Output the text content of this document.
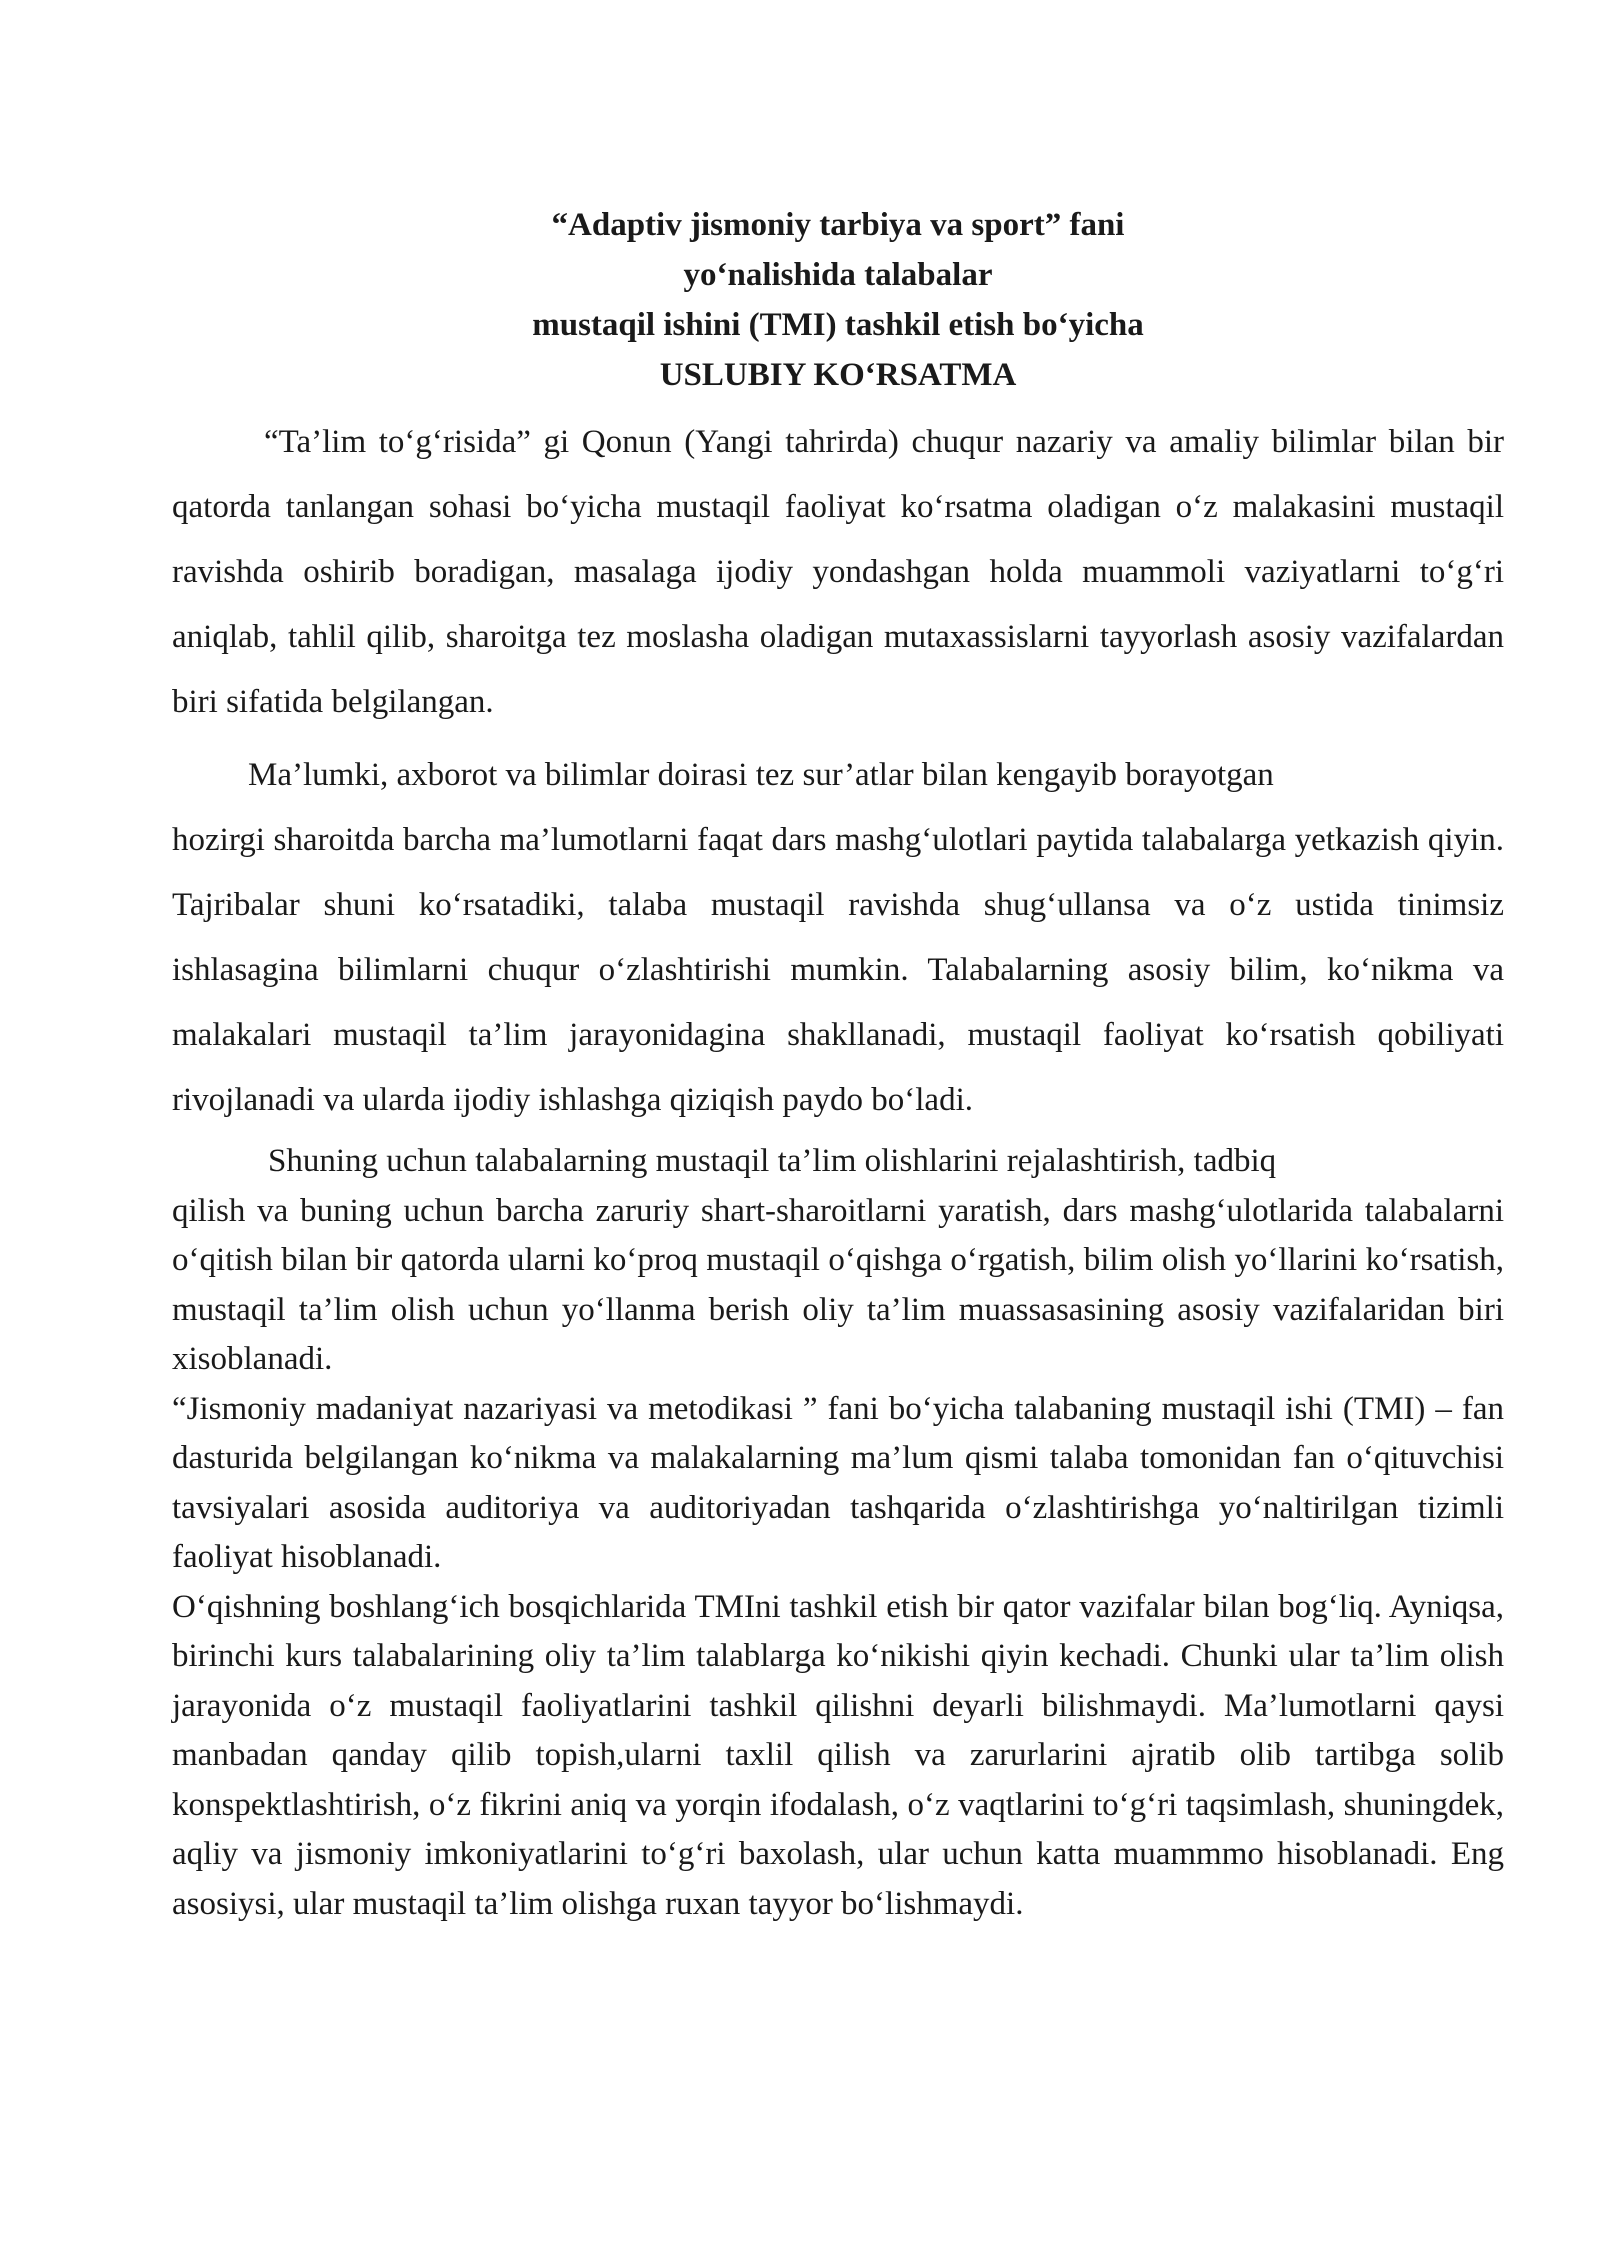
“Adaptiv jismoniy tarbiya va sport” fani
yo‘nalishida talabalar
mustaqil ishini (TMI) tashkil etish bo‘yicha
USLUBIY KO‘RSATMA

“Ta’lim to‘g‘risida” gi Qonun (Yangi tahrirda) chuqur nazariy va amaliy bilimlar bilan bir qatorda tanlangan sohasi bo‘yicha mustaqil faoliyat ko‘rsatma oladigan o‘z malakasini mustaqil ravishda oshirib boradigan, masalaga ijodiy yondashgan holda muammoli vaziyatlarni to‘g‘ri aniqlab, tahlil qilib, sharoitga tez moslasha oladigan mutaxassislarni tayyorlash asosiy vazifalardan biri sifatida belgilangan.

Ma’lumki, axborot va bilimlar doirasi tez sur’atlar bilan kengayib borayotgan
hozirgi sharoitda barcha ma’lumotlarni faqat dars mashg‘ulotlari paytida talabalarga yetkazish qiyin. Tajribalar shuni ko‘rsatadiki, talaba mustaqil ravishda shug‘ullansa va o‘z ustida tinimsiz ishlasagina bilimlarni chuqur o‘zlashtirishi mumkin. Talabalarning asosiy bilim, ko‘nikma va malakalari mustaqil ta’lim jarayonidagina shakllanadi, mustaqil faoliyat ko‘rsatish qobiliyati rivojlanadi va ularda ijodiy ishlashga qiziqish paydo bo‘ladi.

Shuning uchun talabalarning mustaqil ta’lim olishlarini rejalashtirish, tadbiq
qilish va buning uchun barcha zaruriy shart-sharoitlarni yaratish, dars mashg‘ulotlarida talabalarni o‘qitish bilan bir qatorda ularni ko‘proq mustaqil o‘qishga o‘rgatish, bilim olish yo‘llarini ko‘rsatish, mustaqil ta’lim olish uchun yo‘llanma berish oliy ta’lim muassasasining asosiy vazifalaridan biri xisoblanadi.

“Jismoniy madaniyat nazariyasi va metodikasi ” fani bo‘yicha talabaning mustaqil ishi (TMI) – fan dasturida belgilangan ko‘nikma va malakalarning ma’lum qismi talaba tomonidan fan o‘qituvchisi tavsiyalari asosida auditoriya va auditoriyadan tashqarida o‘zlashtirishga yo‘naltirilgan tizimli faoliyat hisoblanadi.

O‘qishning boshlang‘ich bosqichlarida TMIni tashkil etish bir qator vazifalar bilan bog‘liq. Ayniqsa, birinchi kurs talabalarining oliy ta’lim talablarga ko‘nikishi qiyin kechadi. Chunki ular ta’lim olish jarayonida o‘z mustaqil faoliyatlarini tashkil qilishni deyarli bilishmaydi. Ma’lumotlarni qaysi manbadan qanday qilib topish,ularni taxlil qilish va zarurlarini ajratib olib tartibga solib konspektlashtirish, o‘z fikrini aniq va yorqin ifodalash, o‘z vaqtlarini to‘g‘ri taqsimlash, shuningdek, aqliy va jismoniy imkoniyatlarini to‘g‘ri baxolash, ular uchun katta muammmo hisoblanadi. Eng asosiysi, ular mustaqil ta’lim olishga ruxan tayyor bo‘lishmaydi.
